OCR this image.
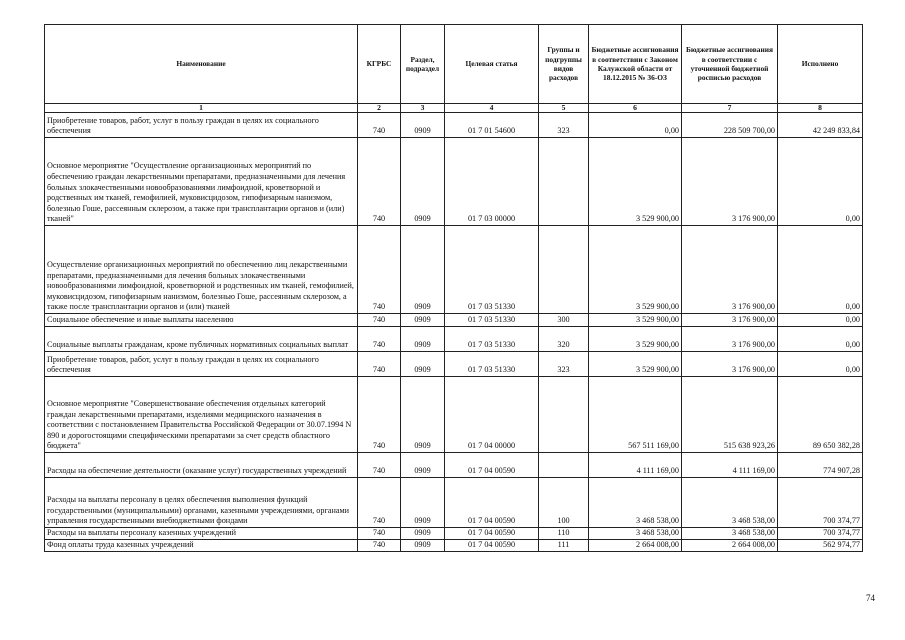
Наименование	КГРБС	Раздел, подраздел	Целевая статья	Группы и подгруппы видов расходов	Бюджетные ассигнования в соответствии с Законом Калужской области от 18.12.2015 № 36-ОЗ	Бюджетные ассигнования в соответствии с уточненной бюджетной росписью расходов	Исполнено
1	2	3	4	5	6	7	8
Приобретение товаров, работ, услуг в пользу граждан в целях их социального обеспечения	740	0909	01 7 01 54600	323	0,00	228 509 700,00	42 249 833,84
Основное мероприятие "Осуществление организационных мероприятий по обеспечению граждан лекарственными препаратами, предназначенными для лечения больных злокачественными новообразованиями лимфоидной, кроветворной и родственных им тканей, гемофилией, муковисцидозом, гипофизарным нанизмом, болезнью Гоше, рассеянным склерозом, а также при трансплантации органов и (или) тканей"	740	0909	01 7 03 00000		3 529 900,00	3 176 900,00	0,00
Осуществление организационных мероприятий по обеспечению лиц лекарственными препаратами, предназначенными для лечения больных злокачественными новообразованиями лимфоидной, кроветворной и родственных им тканей, гемофилией, муковисцидозом, гипофизарным нанизмом, болезнью Гоше, рассеянным склерозом, а также после трансплантации органов и (или) тканей	740	0909	01 7 03 51330		3 529 900,00	3 176 900,00	0,00
Социальное обеспечение и иные выплаты населению	740	0909	01 7 03 51330	300	3 529 900,00	3 176 900,00	0,00
Социальные выплаты гражданам, кроме публичных нормативных социальных выплат	740	0909	01 7 03 51330	320	3 529 900,00	3 176 900,00	0,00
Приобретение товаров, работ, услуг в пользу граждан в целях их социального обеспечения	740	0909	01 7 03 51330	323	3 529 900,00	3 176 900,00	0,00
Основное мероприятие "Совершенствование обеспечения отдельных категорий граждан лекарственными препаратами, изделиями медицинского назначения в соответствии с постановлением Правительства Российской Федерации от 30.07.1994 N 890 и дорогостоящими специфическими препаратами за счет средств областного бюджета"	740	0909	01 7 04 00000		567 511 169,00	515 638 923,26	89 650 382,28
Расходы на обеспечение деятельности (оказание услуг) государственных учреждений	740	0909	01 7 04 00590		4 111 169,00	4 111 169,00	774 907,28
Расходы на выплаты персоналу в целях обеспечения выполнения функций государственными (муниципальными) органами, казенными учреждениями, органами управления государственными внебюджетными фондами	740	0909	01 7 04 00590	100	3 468 538,00	3 468 538,00	700 374,77
Расходы на выплаты персоналу казенных учреждений	740	0909	01 7 04 00590	110	3 468 538,00	3 468 538,00	700 374,77
Фонд оплаты труда казенных учреждений	740	0909	01 7 04 00590	111	2 664 008,00	2 664 008,00	562 974,77
74
